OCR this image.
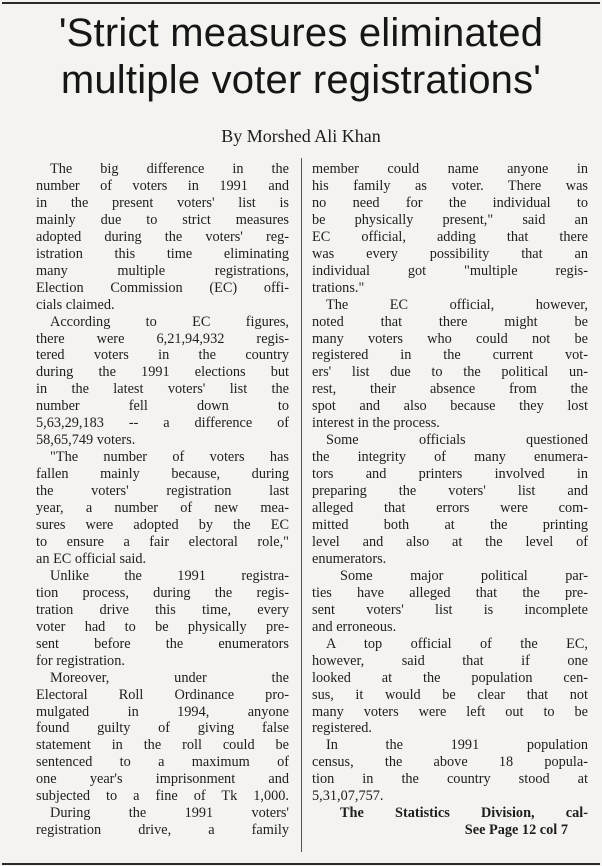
'Strict measures eliminated
multiple voter registrations'
By Morshed Ali Khan
The big difference in the
number of voters in 1991 and
in the present voters' list is
mainly due to strict measures
adopted during the voters' reg-
istration this time eliminating
many multiple registrations,
Election Commission (EC) offi-
cials claimed.
According to EC figures,
there were 6,21,94,932 regis-
tered voters in the country
during the 1991 elections but
in the latest voters' list the
number fell down to
5,63,29,183 -- a difference of
58,65,749 voters.
"The number of voters has
fallen mainly because, during
the voters' registration last
year, a number of new mea-
sures were adopted by the EC
to ensure a fair electoral role,"
an EC official said.
Unlike the 1991 registra-
tion process, during the regis-
tration drive this time, every
voter had to be physically pre-
sent before the enumerators
for registration.
Moreover, under the
Electoral Roll Ordinance pro-
mulgated in 1994, anyone
found guilty of giving false
statement in the roll could be
sentenced to a maximum of
one year's imprisonment and
subjected to a fine of Tk 1,000.
During the 1991 voters'
registration drive, a family
member could name anyone in
his family as voter. There was
no need for the individual to
be physically present," said an
EC official, adding that there
was every possibility that an
individual got "multiple regis-
trations."
The EC official, however,
noted that there might be
many voters who could not be
registered in the current vot-
ers' list due to the political un-
rest, their absence from the
spot and also because they lost
interest in the process.
Some officials questioned
the integrity of many enumera-
tors and printers involved in
preparing the voters' list and
alleged that errors were com-
mitted both at the printing
level and also at the level of
enumerators.
Some major political par-
ties have alleged that the pre-
sent voters' list is incomplete
and erroneous.
A top official of the EC,
however, said that if one
looked at the population cen-
sus, it would be clear that not
many voters were left out to be
registered.
In the 1991 population
census, the above 18 popula-
tion in the country stood at
5,31,07,757.
The Statistics Division, cal-
See Page 12 col 7
